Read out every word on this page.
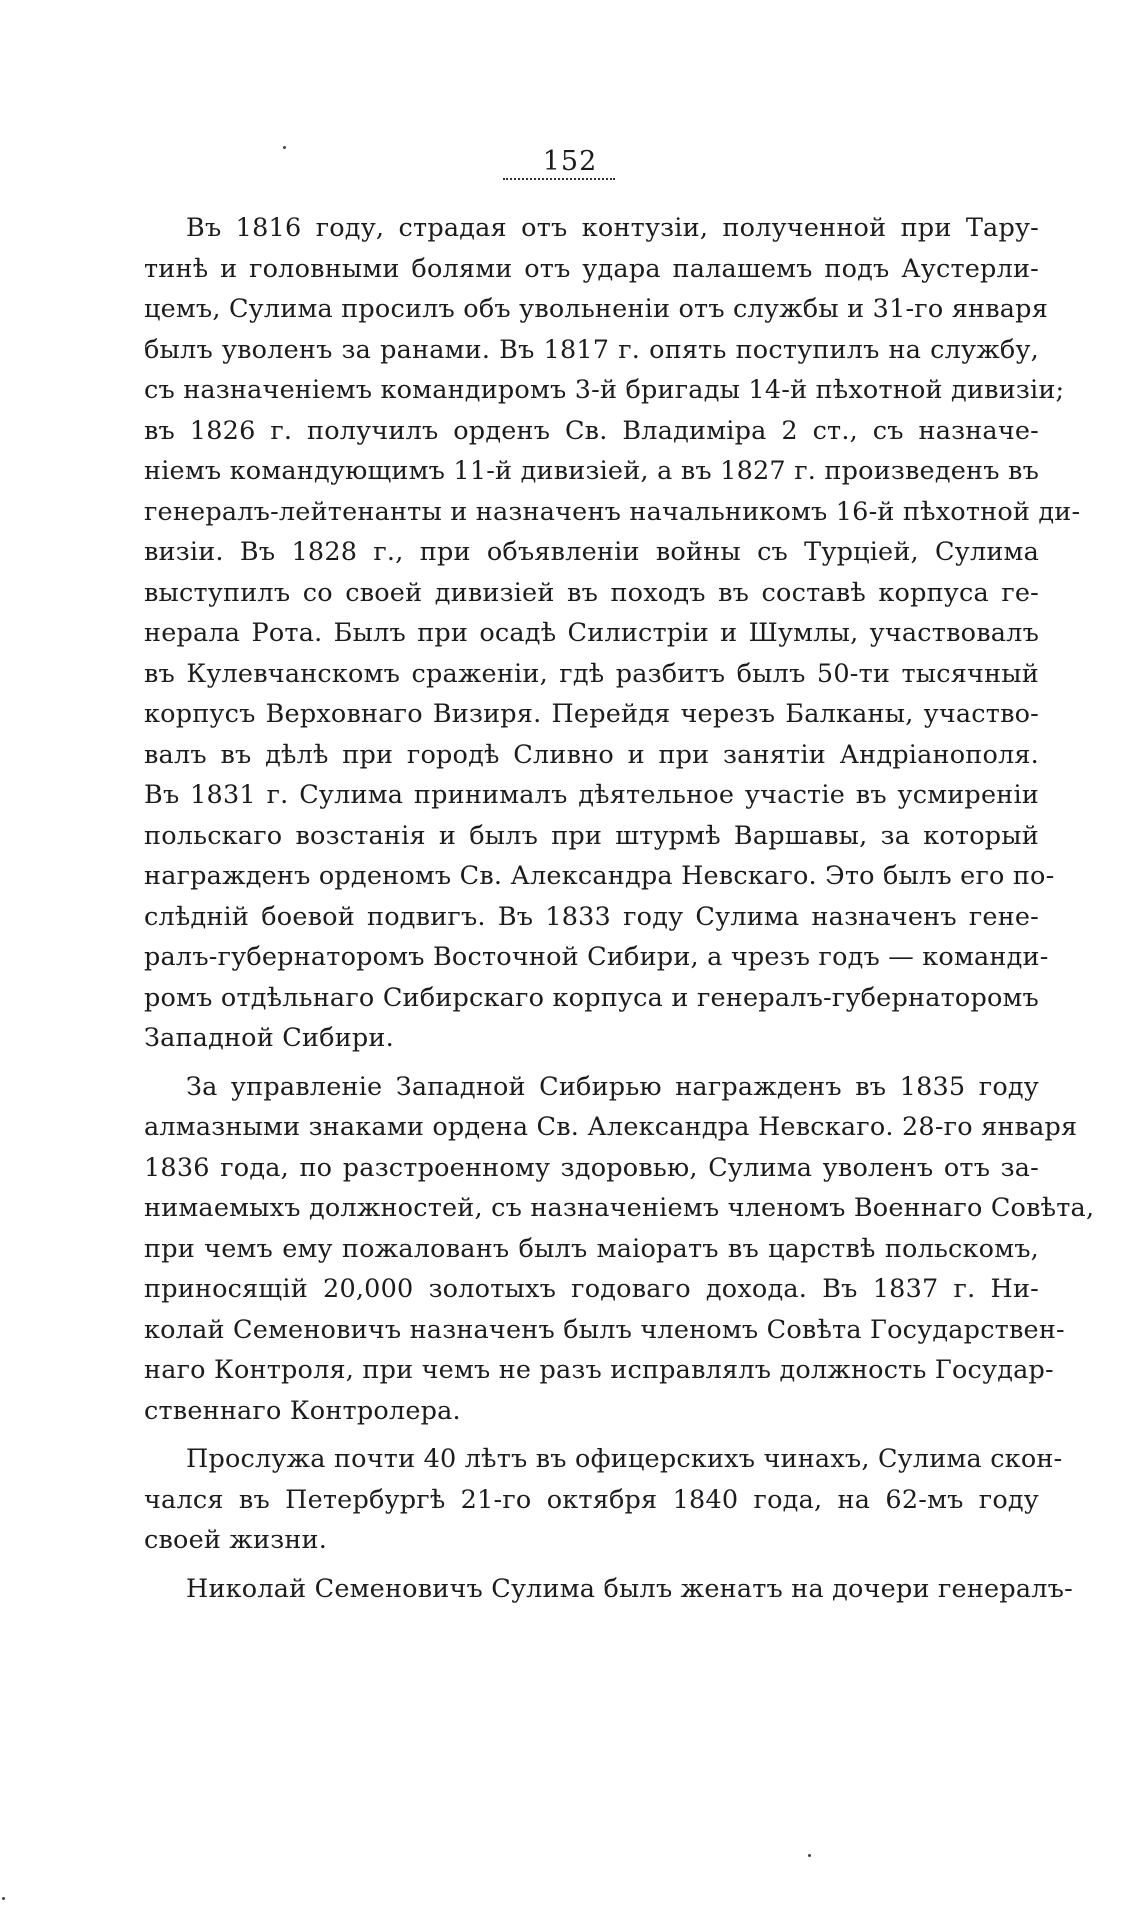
152

Въ 1816 году, страдая отъ контузіи, полученной при Тару-
тинѣ и головными болями отъ удара палашемъ подъ Аустерли-
цемъ, Сулима просилъ объ увольненіи отъ службы и 31-го января
былъ уволенъ за ранами. Въ 1817 г. опять поступилъ на службу,
съ назначеніемъ командиромъ 3-й бригады 14-й пѣхотной дивизіи;
въ 1826 г. получилъ орденъ Св. Владиміра 2 ст., съ назначе-
ніемъ командующимъ 11-й дивизіей, а въ 1827 г. произведенъ въ
генералъ-лейтенанты и назначенъ начальникомъ 16-й пѣхотной ди-
визіи. Въ 1828 г., при объявленіи войны съ Турціей, Сулима
выступилъ со своей дивизіей въ походъ въ составѣ корпуса ге-
нерала Рота. Былъ при осадѣ Силистріи и Шумлы, участвовалъ
въ Кулевчанскомъ сраженіи, гдѣ разбитъ былъ 50-ти тысячный
корпусъ Верховнаго Визиря. Перейдя черезъ Балканы, участво-
валъ въ дѣлѣ при городѣ Сливно и при занятіи Андріанополя.
Въ 1831 г. Сулима принималъ дѣятельное участіе въ усмиреніи
польскаго возстанія и былъ при штурмѣ Варшавы, за который
награжденъ орденомъ Св. Александра Невскаго. Это былъ его по-
слѣдній боевой подвигъ. Въ 1833 году Сулима назначенъ гене-
ралъ-губернаторомъ Восточной Сибири, а чрезъ годъ — команди-
ромъ отдѣльнаго Сибирскаго корпуса и генералъ-губернаторомъ
Западной Сибири.

За управленіе Западной Сибирью награжденъ въ 1835 году
алмазными знаками ордена Св. Александра Невскаго. 28-го января
1836 года, по разстроенному здоровью, Сулима уволенъ отъ за-
нимаемыхъ должностей, съ назначеніемъ членомъ Военнаго Совѣта,
при чемъ ему пожалованъ былъ маіоратъ въ царствѣ польскомъ,
приносящій 20,000 золотыхъ годоваго дохода. Въ 1837 г. Ни-
колай Семеновичъ назначенъ былъ членомъ Совѣта Государствен-
наго Контроля, при чемъ не разъ исправлялъ должность Государ-
ственнаго Контролера.

Прослужа почти 40 лѣтъ въ офицерскихъ чинахъ, Сулима скон-
чался въ Петербургѣ 21-го октября 1840 года, на 62-мъ году
своей жизни.

Николай Семеновичъ Сулима былъ женатъ на дочери генералъ-
